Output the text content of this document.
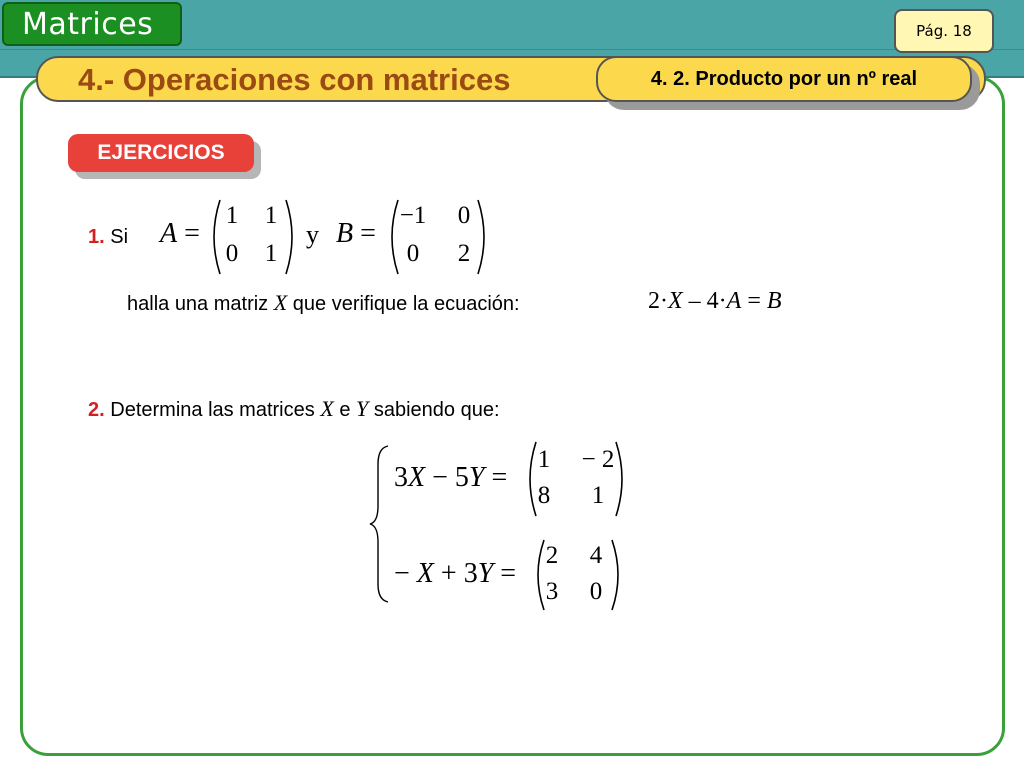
Matrices	Pág. 18
4.- Operaciones con matrices	4. 2. Producto por un nº real
EJERCICIOS
1. Si A =
1	1
0	1
y B =
−1	0
0	2
halla una matriz X que verifique la ecuación:	2·X – 4·A = B
2. Determina las matrices X e Y sabiendo que:
3X − 5Y =
1	− 2
8	1
− X + 3Y =
2	4
3	0
